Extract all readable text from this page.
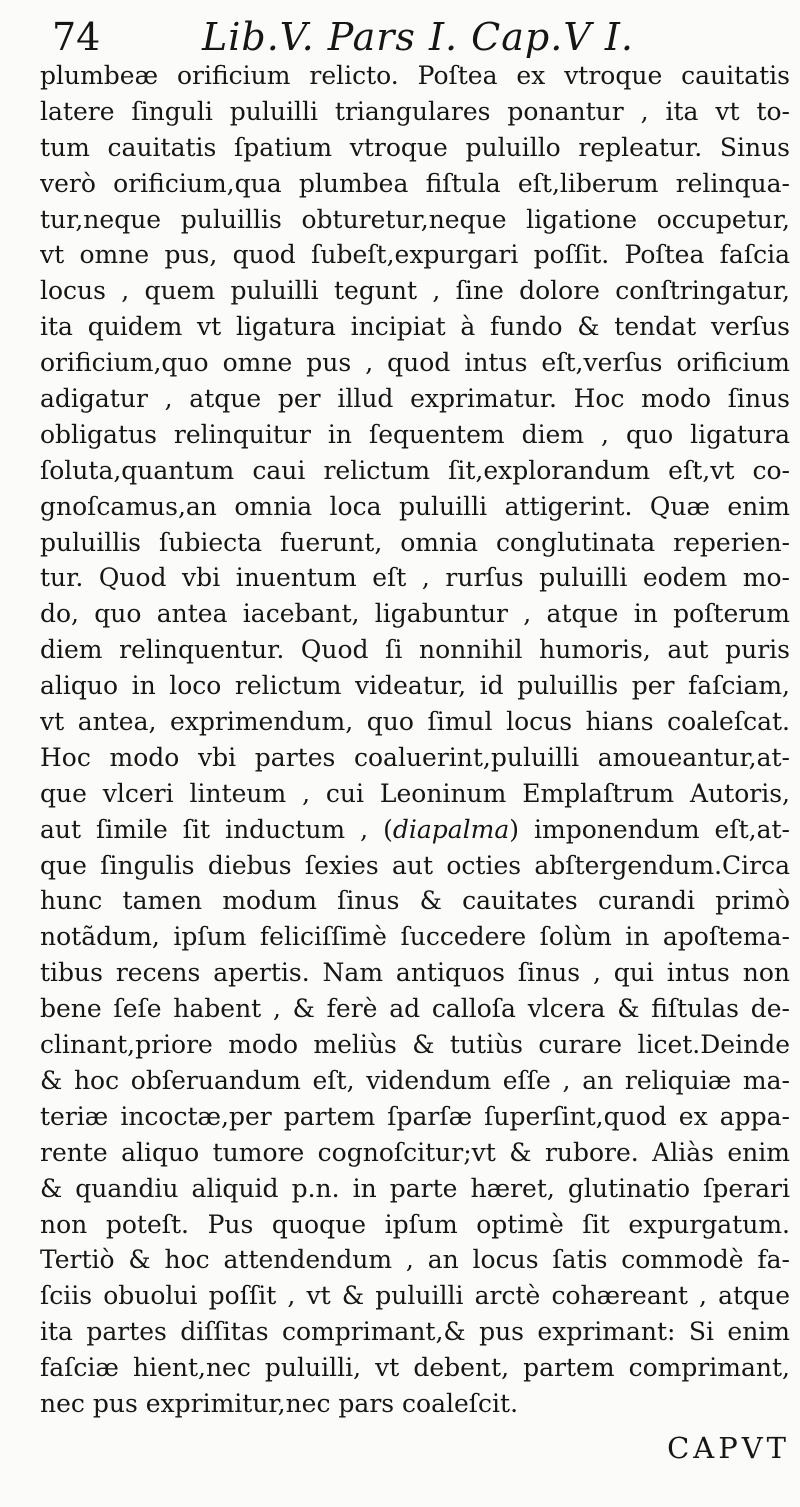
74	Lib.V. Pars I. Cap.V I.
plumbeæ orificium relicto. Poſtea ex vtroque cauitatis
latere ſinguli puluilli triangulares ponantur , ita vt to-
tum cauitatis ſpatium vtroque puluillo repleatur. Sinus
verò orificium,qua plumbea fiſtula eſt,liberum relinqua-
tur,neque puluillis obturetur,neque ligatione occupetur,
vt omne pus, quod ſubeſt,expurgari poſſit. Poſtea faſcia
locus , quem puluilli tegunt , ſine dolore conſtringatur,
ita quidem vt ligatura incipiat à fundo & tendat verſus
orificium,quo omne pus , quod intus eſt,verſus orificium
adigatur , atque per illud exprimatur. Hoc modo ſinus
obligatus relinquitur in ſequentem diem , quo ligatura
ſoluta,quantum caui relictum ſit,explorandum eſt,vt co-
gnoſcamus,an omnia loca puluilli attigerint. Quæ enim
puluillis ſubiecta fuerunt, omnia conglutinata reperien-
tur. Quod vbi inuentum eſt , rurſus puluilli eodem mo-
do, quo antea iacebant, ligabuntur , atque in poſterum
diem relinquentur. Quod ſi nonnihil humoris, aut puris
aliquo in loco relictum videatur, id puluillis per faſciam,
vt antea, exprimendum, quo ſimul locus hians coaleſcat.
Hoc modo vbi partes coaluerint,puluilli amoueantur,at-
que vlceri linteum , cui Leoninum Emplaſtrum Autoris,
aut ſimile ſit inductum , (diapalma) imponendum eſt,at-
que ſingulis diebus ſexies aut octies abſtergendum.Circa
hunc tamen modum ſinus & cauitates curandi primò
notãdum, ipſum feliciſſimè ſuccedere ſolùm in apoſtema-
tibus recens apertis. Nam antiquos ſinus , qui intus non
bene ſeſe habent , & ferè ad calloſa vlcera & fiſtulas de-
clinant,priore modo meliùs & tutiùs curare licet.Deinde
& hoc obſeruandum eſt, videndum eſſe , an reliquiæ ma-
teriæ incoctæ,per partem ſparſæ ſuperſint,quod ex appa-
rente aliquo tumore cognoſcitur;vt & rubore. Aliàs enim
& quandiu aliquid p.n. in parte hæret, glutinatio ſperari
non poteſt. Pus quoque ipſum optimè ſit expurgatum.
Tertiò & hoc attendendum , an locus ſatis commodè fa-
ſciis obuolui poſſit , vt & puluilli arctè cohæreant , atque
ita partes diſſitas comprimant,& pus exprimant: Si enim
faſciæ hient,nec puluilli, vt debent, partem comprimant,
nec pus exprimitur,nec pars coaleſcit.
CAPVT
